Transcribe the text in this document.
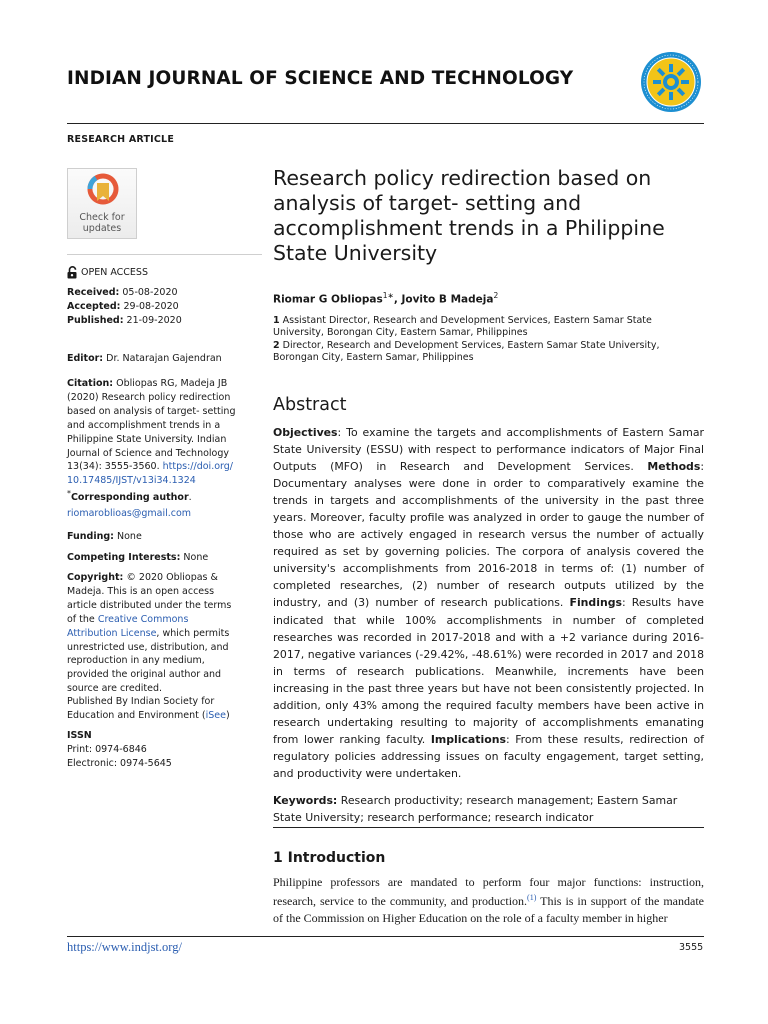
INDIAN JOURNAL OF SCIENCE AND TECHNOLOGY
RESEARCH ARTICLE
Check for
updates
OPEN ACCESS
Received: 05-08-2020
Accepted: 29-08-2020
Published: 21-09-2020
Editor: Dr. Natarajan Gajendran
Citation: Obliopas RG, Madeja JB (2020) Research policy redirection based on analysis of target- setting and accomplishment trends in a Philippine State University. Indian Journal of Science and Technology 13(34): 3555-3560. https://doi.org/10.17485/IJST/v13i34.1324
*Corresponding author.
riomaroblioas@gmail.com
Funding: None
Competing Interests: None
Copyright: © 2020 Obliopas & Madeja. This is an open access article distributed under the terms of the Creative Commons Attribution License, which permits unrestricted use, distribution, and reproduction in any medium, provided the original author and source are credited.
Published By Indian Society for Education and Environment (iSee)
ISSN
Print: 0974-6846
Electronic: 0974-5645
Research policy redirection based on analysis of target- setting and accomplishment trends in a Philippine State University
Riomar G Obliopas$^{1∗}$, Jovito B Madeja$^2$
1 Assistant Director, Research and Development Services, Eastern Samar State University, Borongan City, Eastern Samar, Philippines
2 Director, Research and Development Services, Eastern Samar State University, Borongan City, Eastern Samar, Philippines
Abstract
Objectives: To examine the targets and accomplishments of Eastern Samar State University (ESSU) with respect to performance indicators of Major Final Outputs (MFO) in Research and Development Services. Methods: Documentary analyses were done in order to comparatively examine the trends in targets and accomplishments of the university in the past three years. Moreover, faculty profile was analyzed in order to gauge the number of those who are actively engaged in research versus the number of actually required as set by governing policies. The corpora of analysis covered the university's accomplishments from 2016-2018 in terms of: (1) number of completed researches, (2) number of research outputs utilized by the industry, and (3) number of research publications. Findings: Results have indicated that while 100% accomplishments in number of completed researches was recorded in 2017-2018 and with a +2 variance during 2016-2017, negative variances (-29.42%, -48.61%) were recorded in 2017 and 2018 in terms of research publications. Meanwhile, increments have been increasing in the past three years but have not been consistently projected. In addition, only 43% among the required faculty members have been active in research undertaking resulting to majority of accomplishments emanating from lower ranking faculty. Implications: From these results, redirection of regulatory policies addressing issues on faculty engagement, target setting, and productivity were undertaken.
Keywords: Research productivity; research management; Eastern Samar State University; research performance; research indicator
1 Introduction
Philippine professors are mandated to perform four major functions: instruction, research, service to the community, and production.$^{(1)}$ This is in support of the mandate of the Commission on Higher Education on the role of a faculty member in higher
https://www.indjst.org/	3555
